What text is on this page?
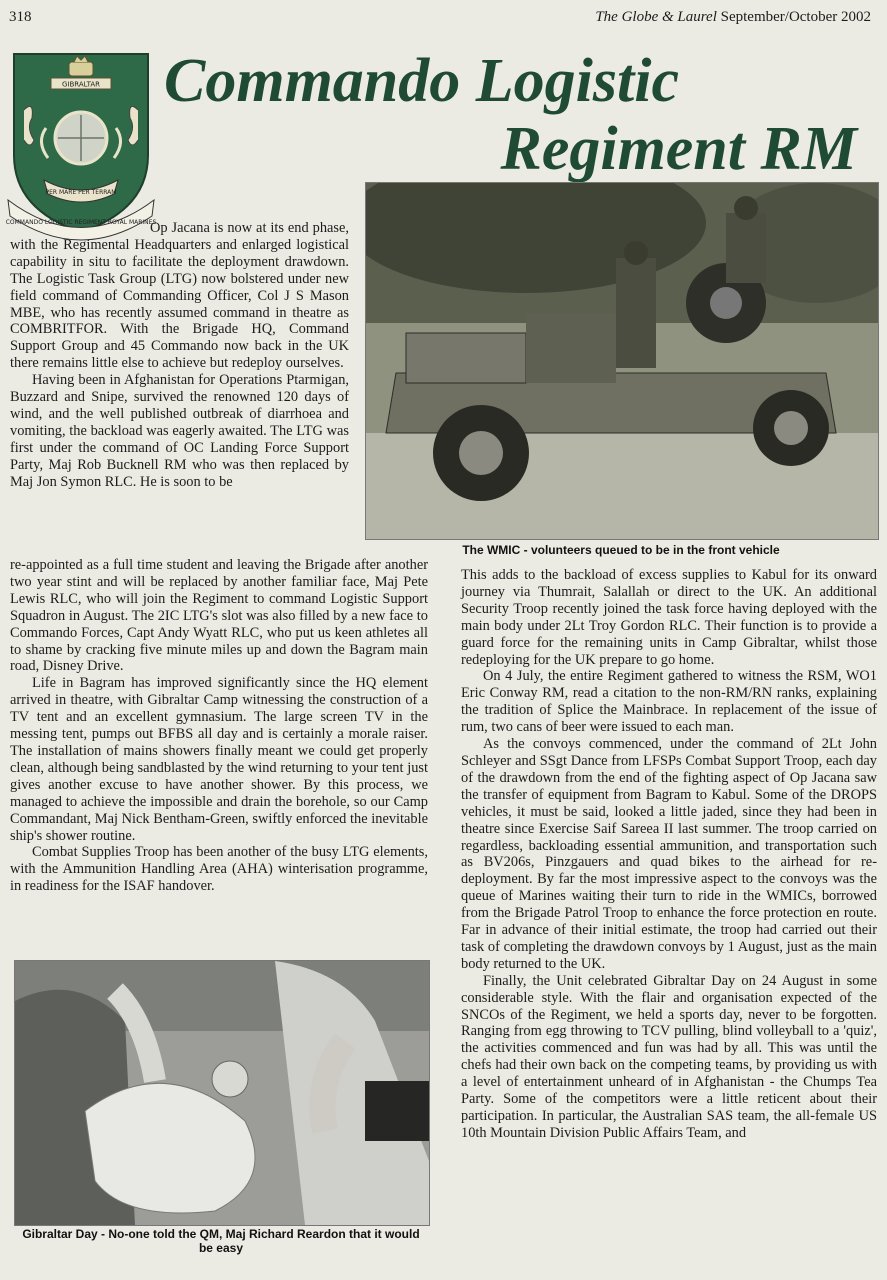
318	The Globe & Laurel September/October 2002
Commando Logistic
Regiment RM
GIBRALTAR
PER MARE PER TERRAM
COMMANDO LOGISTIC REGIMENT ROYAL MARINES
The WMIC - volunteers queued to be in the front vehicle
Gibraltar Day - No-one told the QM, Maj Richard Reardon that it would be easy

Op Jacana is now at its end phase, with the Regimental Headquarters and enlarged logistical capability in situ to facilitate the deployment drawdown. The Logistic Task Group (LTG) now bolstered under new field command of Commanding Officer, Col J S Mason MBE, who has recently assumed command in theatre as COMBRITFOR. With the Brigade HQ, Command Support Group and 45 Commando now back in the UK there remains little else to achieve but redeploy ourselves.

Having been in Afghanistan for Operations Ptarmigan, Buzzard and Snipe, survived the renowned 120 days of wind, and the well published outbreak of diarrhoea and vomiting, the backload was eagerly awaited. The LTG was first under the command of OC Landing Force Support Party, Maj Rob Bucknell RM who was then replaced by Maj Jon Symon RLC. He is soon to be

re-appointed as a full time student and leaving the Brigade after another two year stint and will be replaced by another familiar face, Maj Pete Lewis RLC, who will join the Regiment to command Logistic Support Squadron in August. The 2IC LTG's slot was also filled by a new face to Commando Forces, Capt Andy Wyatt RLC, who put us keen athletes all to shame by cracking five minute miles up and down the Bagram main road, Disney Drive.

Life in Bagram has improved significantly since the HQ element arrived in theatre, with Gibraltar Camp witnessing the construction of a TV tent and an excellent gymnasium. The large screen TV in the messing tent, pumps out BFBS all day and is certainly a morale raiser. The installation of mains showers finally meant we could get properly clean, although being sandblasted by the wind returning to your tent just gives another excuse to have another shower. By this process, we managed to achieve the impossible and drain the borehole, so our Camp Commandant, Maj Nick Bentham-Green, swiftly enforced the inevitable ship's shower routine.

Combat Supplies Troop has been another of the busy LTG elements, with the Ammunition Handling Area (AHA) winterisation programme, in readiness for the ISAF handover.

This adds to the backload of excess supplies to Kabul for its onward journey via Thumrait, Salallah or direct to the UK. An additional Security Troop recently joined the task force having deployed with the main body under 2Lt Troy Gordon RLC. Their function is to provide a guard force for the remaining units in Camp Gibraltar, whilst those redeploying for the UK prepare to go home.

On 4 July, the entire Regiment gathered to witness the RSM, WO1 Eric Conway RM, read a citation to the non-RM/RN ranks, explaining the tradition of Splice the Mainbrace. In replacement of the issue of rum, two cans of beer were issued to each man.

As the convoys commenced, under the command of 2Lt John Schleyer and SSgt Dance from LFSPs Combat Support Troop, each day of the drawdown from the end of the fighting aspect of Op Jacana saw the transfer of equipment from Bagram to Kabul. Some of the DROPS vehicles, it must be said, looked a little jaded, since they had been in theatre since Exercise Saif Sareea II last summer. The troop carried on regardless, backloading essential ammunition, and transportation such as BV206s, Pinzgauers and quad bikes to the airhead for re-deployment. By far the most impressive aspect to the convoys was the queue of Marines waiting their turn to ride in the WMICs, borrowed from the Brigade Patrol Troop to enhance the force protection en route. Far in advance of their initial estimate, the troop had carried out their task of completing the drawdown convoys by 1 August, just as the main body returned to the UK.

Finally, the Unit celebrated Gibraltar Day on 24 August in some considerable style. With the flair and organisation expected of the SNCOs of the Regiment, we held a sports day, never to be forgotten. Ranging from egg throwing to TCV pulling, blind volleyball to a 'quiz', the activities commenced and fun was had by all. This was until the chefs had their own back on the competing teams, by providing us with a level of entertainment unheard of in Afghanistan - the Chumps Tea Party. Some of the competitors were a little reticent about their participation. In particular, the Australian SAS team, the all-female US 10th Mountain Division Public Affairs Team, and
